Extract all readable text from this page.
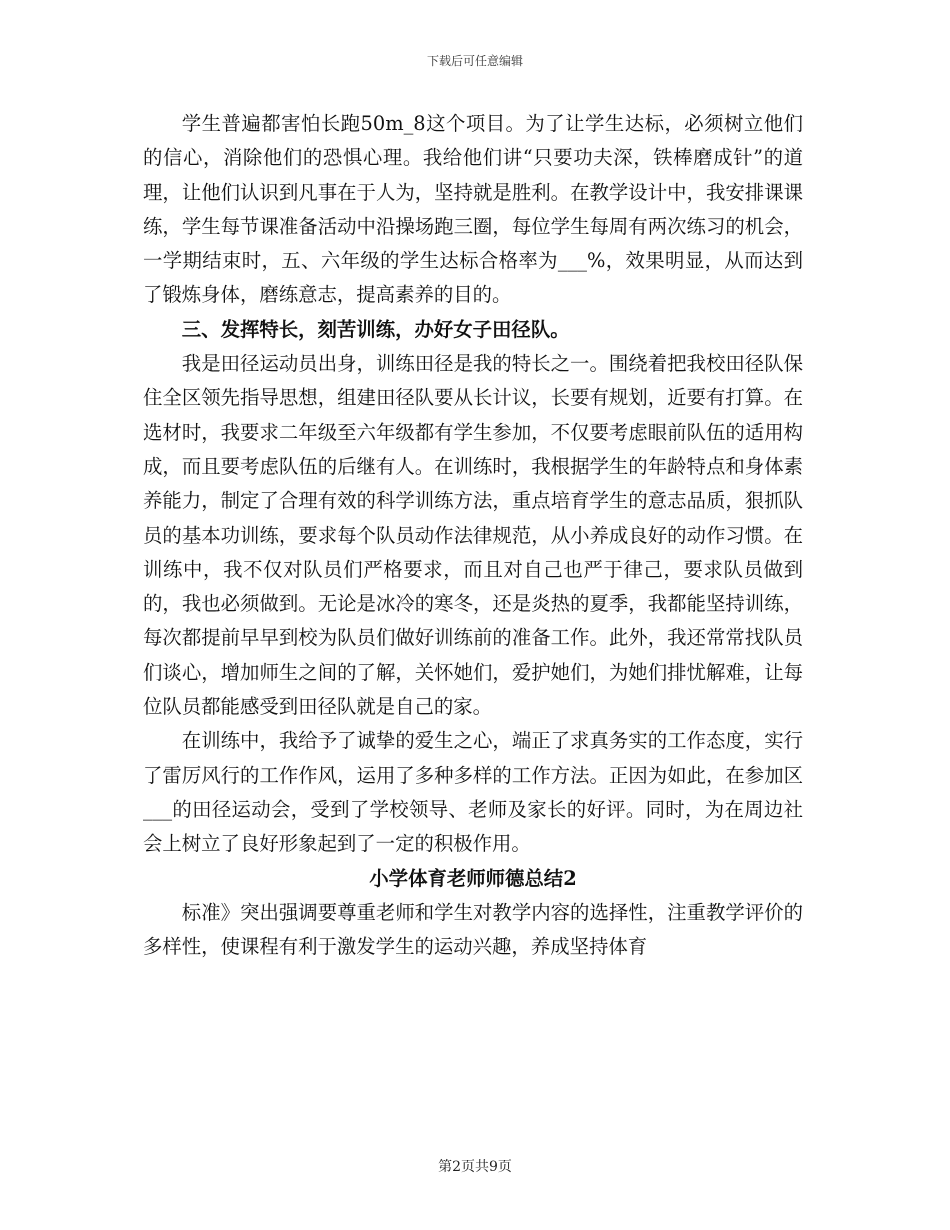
下载后可任意编辑

学生普遍都害怕长跑50m_8这个项目。为了让学生达标，必须树立他们的信心，消除他们的恐惧心理。我给他们讲“只要功夫深，铁棒磨成针”的道理，让他们认识到凡事在于人为，坚持就是胜利。在教学设计中，我安排课课练，学生每节课准备活动中沿操场跑三圈，每位学生每周有两次练习的机会，一学期结束时，五、六年级的学生达标合格率为___%，效果明显，从而达到了锻炼身体，磨练意志，提高素养的目的。

三、发挥特长，刻苦训练，办好女子田径队。

我是田径运动员出身，训练田径是我的特长之一。围绕着把我校田径队保住全区领先指导思想，组建田径队要从长计议，长要有规划，近要有打算。在选材时，我要求二年级至六年级都有学生参加，不仅要考虑眼前队伍的适用构成，而且要考虑队伍的后继有人。在训练时，我根据学生的年龄特点和身体素养能力，制定了合理有效的科学训练方法，重点培育学生的意志品质，狠抓队员的基本功训练，要求每个队员动作法律规范，从小养成良好的动作习惯。在训练中，我不仅对队员们严格要求，而且对自己也严于律己，要求队员做到的，我也必须做到。无论是冰冷的寒冬，还是炎热的夏季，我都能坚持训练，每次都提前早早到校为队员们做好训练前的准备工作。此外，我还常常找队员们谈心，增加师生之间的了解，关怀她们，爱护她们，为她们排忧解难，让每位队员都能感受到田径队就是自己的家。

在训练中，我给予了诚挚的爱生之心，端正了求真务实的工作态度，实行了雷厉风行的工作作风，运用了多种多样的工作方法。正因为如此，在参加区___的田径运动会，受到了学校领导、老师及家长的好评。同时，为在周边社会上树立了良好形象起到了一定的积极作用。

小学体育老师师德总结2

标准》突出强调要尊重老师和学生对教学内容的选择性，注重教学评价的多样性，使课程有利于激发学生的运动兴趣，养成坚持体育

第2页共9页
